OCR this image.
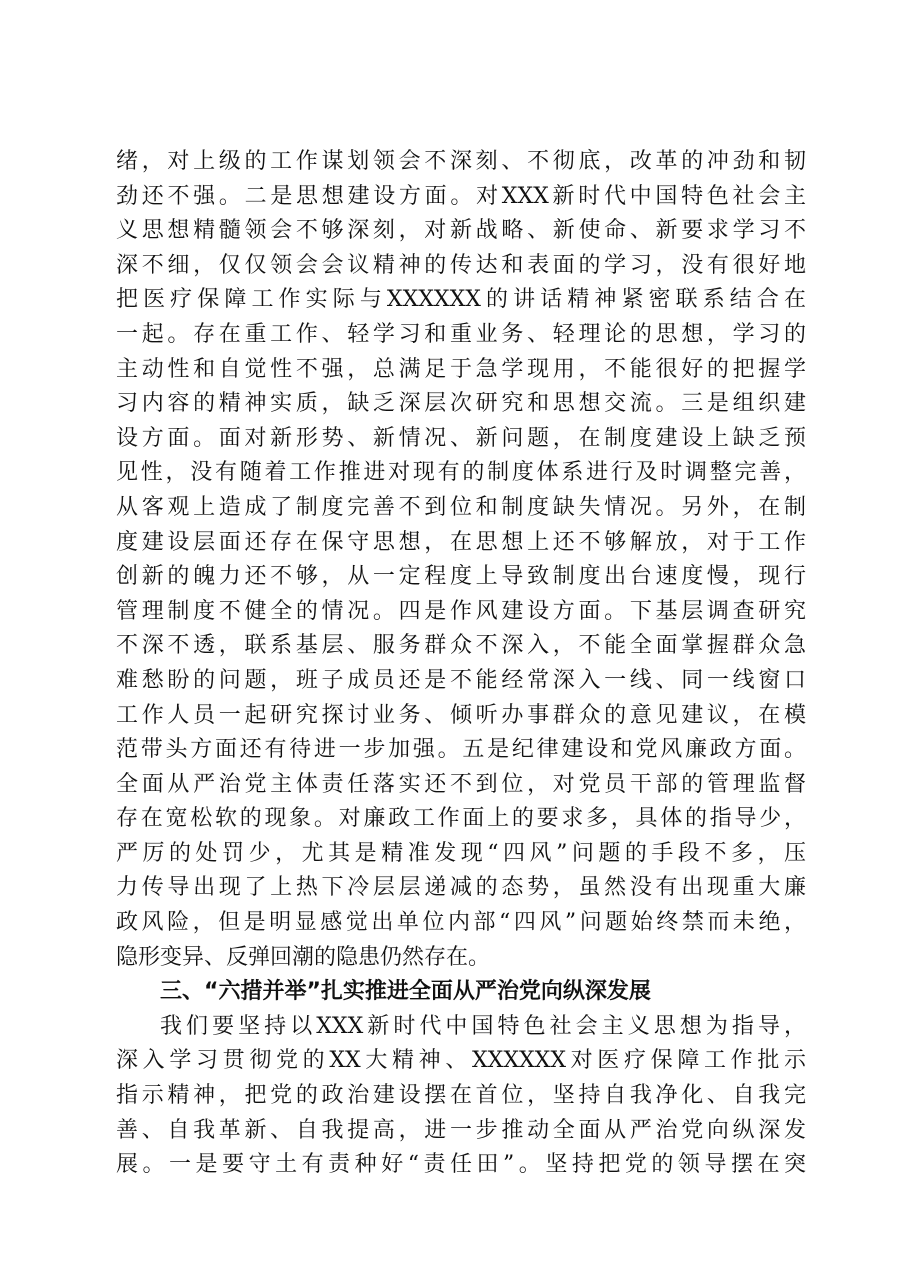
绪，对上级的工作谋划领会不深刻、不彻底，改革的冲劲和韧
劲还不强。二是思想建设方面。对XXX新时代中国特色社会主
义思想精髓领会不够深刻，对新战略、新使命、新要求学习不
深不细，仅仅领会会议精神的传达和表面的学习，没有很好地
把医疗保障工作实际与XXXXXX的讲话精神紧密联系结合在
一起。存在重工作、轻学习和重业务、轻理论的思想，学习的
主动性和自觉性不强，总满足于急学现用，不能很好的把握学
习内容的精神实质，缺乏深层次研究和思想交流。三是组织建
设方面。面对新形势、新情况、新问题，在制度建设上缺乏预
见性，没有随着工作推进对现有的制度体系进行及时调整完善，
从客观上造成了制度完善不到位和制度缺失情况。另外，在制
度建设层面还存在保守思想，在思想上还不够解放，对于工作
创新的魄力还不够，从一定程度上导致制度出台速度慢，现行
管理制度不健全的情况。四是作风建设方面。下基层调查研究
不深不透，联系基层、服务群众不深入，不能全面掌握群众急
难愁盼的问题，班子成员还是不能经常深入一线、同一线窗口
工作人员一起研究探讨业务、倾听办事群众的意见建议，在模
范带头方面还有待进一步加强。五是纪律建设和党风廉政方面。
全面从严治党主体责任落实还不到位，对党员干部的管理监督
存在宽松软的现象。对廉政工作面上的要求多，具体的指导少，
严厉的处罚少，尤其是精准发现“四风”问题的手段不多，压
力传导出现了上热下冷层层递减的态势，虽然没有出现重大廉
政风险，但是明显感觉出单位内部“四风”问题始终禁而未绝，
隐形变异、反弹回潮的隐患仍然存在。
三、“六措并举”扎实推进全面从严治党向纵深发展
我们要坚持以XXX新时代中国特色社会主义思想为指导，
深入学习贯彻党的XX大精神、XXXXXX对医疗保障工作批示
指示精神，把党的政治建设摆在首位，坚持自我净化、自我完
善、自我革新、自我提高，进一步推动全面从严治党向纵深发
展。一是要守土有责种好“责任田”。坚持把党的领导摆在突
